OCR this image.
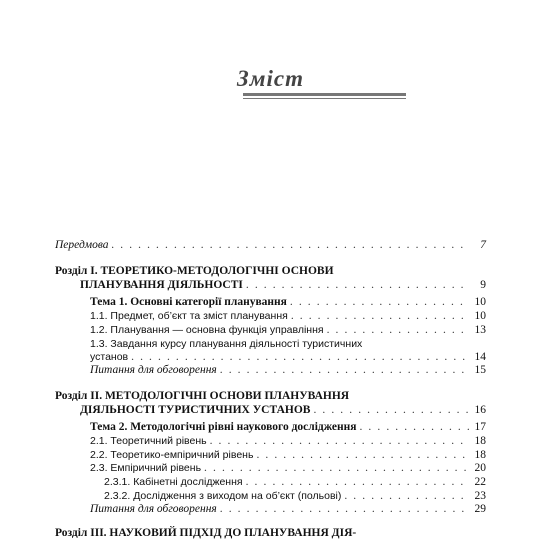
Зміст
Передмова . . .	7
Розділ І. ТЕОРЕТИКО-МЕТОДОЛОГІЧНІ ОСНОВИ
ПЛАНУВАННЯ ДІЯЛЬНОСТІ . . .	9
Тема 1. Основні категорії планування . . .	10
1.1. Предмет, об’єкт та зміст планування . . .	10
1.2. Планування — основна функція управління . . .	13
1.3. Завдання курсу планування діяльності туристичних
установ . . .	14
Питання для обговорення . . .	15
Розділ ІІ. МЕТОДОЛОГІЧНІ ОСНОВИ ПЛАНУВАННЯ
ДІЯЛЬНОСТІ ТУРИСТИЧНИХ УСТАНОВ . . .	16
Тема 2. Методологічні рівні наукового дослідження . . .	17
2.1. Теоретичний рівень . . .	18
2.2. Теоретико-емпіричний рівень . . .	18
2.3. Емпіричний рівень . . .	20
2.3.1. Кабінетні дослідження . . .	22
2.3.2. Дослідження з виходом на об’єкт (польові) . . .	23
Питання для обговорення . . .	29
Розділ ІІІ. НАУКОВИЙ ПІДХІД ДО ПЛАНУВАННЯ ДІЯ-
